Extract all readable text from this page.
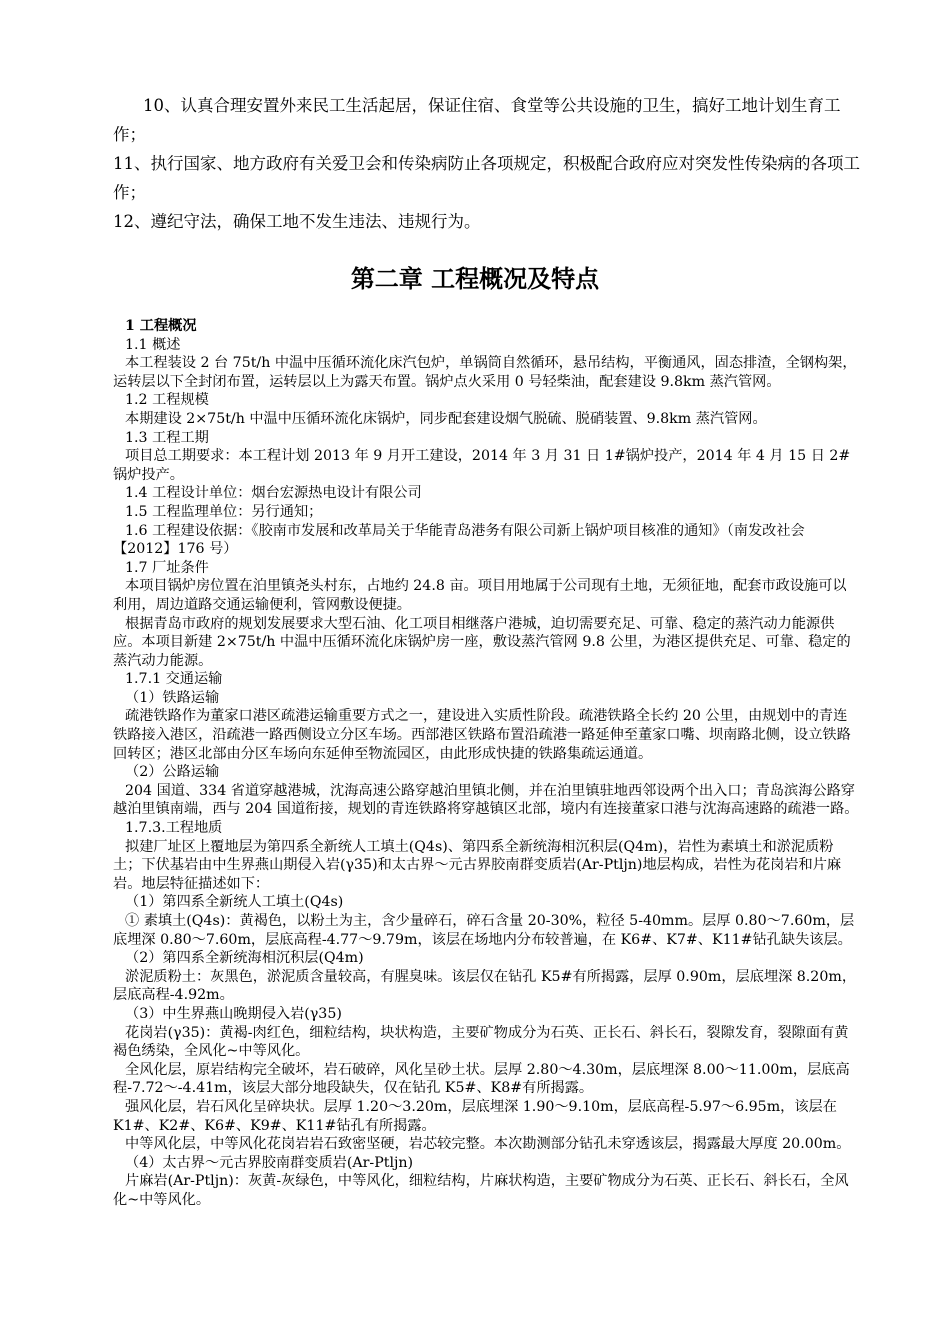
10、认真合理安置外来民工生活起居，保证住宿、食堂等公共设施的卫生，搞好工地计划生育工作；

11、执行国家、地方政府有关爱卫会和传染病防止各项规定，积极配合政府应对突发性传染病的各项工作；

12、遵纪守法，确保工地不发生违法、违规行为。

第二章 工程概况及特点

1 工程概况

1.1 概述

本工程装设 2 台 75t/h 中温中压循环流化床汽包炉，单锅筒自然循环，悬吊结构，平衡通风，固态排渣，全钢构架，运转层以下全封闭布置，运转层以上为露天布置。锅炉点火采用 0 号轻柴油，配套建设 9.8km 蒸汽管网。

1.2 工程规模

本期建设 2×75t/h 中温中压循环流化床锅炉，同步配套建设烟气脱硫、脱硝装置、9.8km 蒸汽管网。

1.3 工程工期

项目总工期要求：本工程计划 2013 年 9 月开工建设，2014 年 3 月 31 日 1#锅炉投产，2014 年 4 月 15 日 2#锅炉投产。

1.4 工程设计单位：烟台宏源热电设计有限公司

1.5 工程监理单位：另行通知；

1.6 工程建设依据：《胶南市发展和改革局关于华能青岛港务有限公司新上锅炉项目核准的通知》（南发改社会【2012】176 号）

1.7 厂址条件

本项目锅炉房位置在泊里镇尧头村东，占地约 24.8 亩。项目用地属于公司现有土地，无须征地，配套市政设施可以利用，周边道路交通运输便利，管网敷设便捷。

根据青岛市政府的规划发展要求大型石油、化工项目相继落户港城，迫切需要充足、可靠、稳定的蒸汽动力能源供应。本项目新建 2×75t/h 中温中压循环流化床锅炉房一座，敷设蒸汽管网 9.8 公里，为港区提供充足、可靠、稳定的蒸汽动力能源。

1.7.1 交通运输

（1）铁路运输

疏港铁路作为董家口港区疏港运输重要方式之一，建设进入实质性阶段。疏港铁路全长约 20 公里，由规划中的青连铁路接入港区，沿疏港一路西侧设立分区车场。西部港区铁路布置沿疏港一路延伸至董家口嘴、坝南路北侧，设立铁路回转区；港区北部由分区车场向东延伸至物流园区，由此形成快捷的铁路集疏运通道。

（2）公路运输

204 国道、334 省道穿越港城，沈海高速公路穿越泊里镇北侧，并在泊里镇驻地西邻设两个出入口；青岛滨海公路穿越泊里镇南端，西与 204 国道衔接，规划的青连铁路将穿越镇区北部，境内有连接董家口港与沈海高速路的疏港一路。

1.7.3.工程地质

拟建厂址区上覆地层为第四系全新统人工填土(Q4s)、第四系全新统海相沉积层(Q4m)，岩性为素填土和淤泥质粉土；下伏基岩由中生界燕山期侵入岩(γ35)和太古界～元古界胶南群变质岩(Ar-Ptljn)地层构成，岩性为花岗岩和片麻岩。地层特征描述如下：

（1）第四系全新统人工填土(Q4s)

① 素填土(Q4s)：黄褐色，以粉土为主，含少量碎石，碎石含量 20-30%，粒径 5-40mm。层厚 0.80～7.60m，层底埋深 0.80～7.60m，层底高程-4.77～9.79m，该层在场地内分布较普遍，在 K6#、K7#、K11#钻孔缺失该层。

（2）第四系全新统海相沉积层(Q4m)

淤泥质粉土：灰黑色，淤泥质含量较高，有腥臭味。该层仅在钻孔 K5#有所揭露，层厚 0.90m，层底埋深 8.20m，层底高程-4.92m。

（3）中生界燕山晚期侵入岩(γ35)

花岗岩(γ35)：黄褐-肉红色，细粒结构，块状构造，主要矿物成分为石英、正长石、斜长石，裂隙发育，裂隙面有黄褐色绣染，全风化~中等风化。

全风化层，原岩结构完全破坏，岩石破碎，风化呈砂土状。层厚 2.80～4.30m，层底埋深 8.00～11.00m，层底高程-7.72～-4.41m，该层大部分地段缺失，仅在钻孔 K5#、K8#有所揭露。

强风化层，岩石风化呈碎块状。层厚 1.20～3.20m，层底埋深 1.90～9.10m，层底高程-5.97～6.95m，该层在 K1#、K2#、K6#、K9#、K11#钻孔有所揭露。

中等风化层，中等风化花岗岩岩石致密坚硬，岩芯较完整。本次勘测部分钻孔未穿透该层，揭露最大厚度 20.00m。

（4）太古界～元古界胶南群变质岩(Ar-Ptljn)

片麻岩(Ar-Ptljn)：灰黄-灰绿色，中等风化，细粒结构，片麻状构造，主要矿物成分为石英、正长石、斜长石，全风化~中等风化。
